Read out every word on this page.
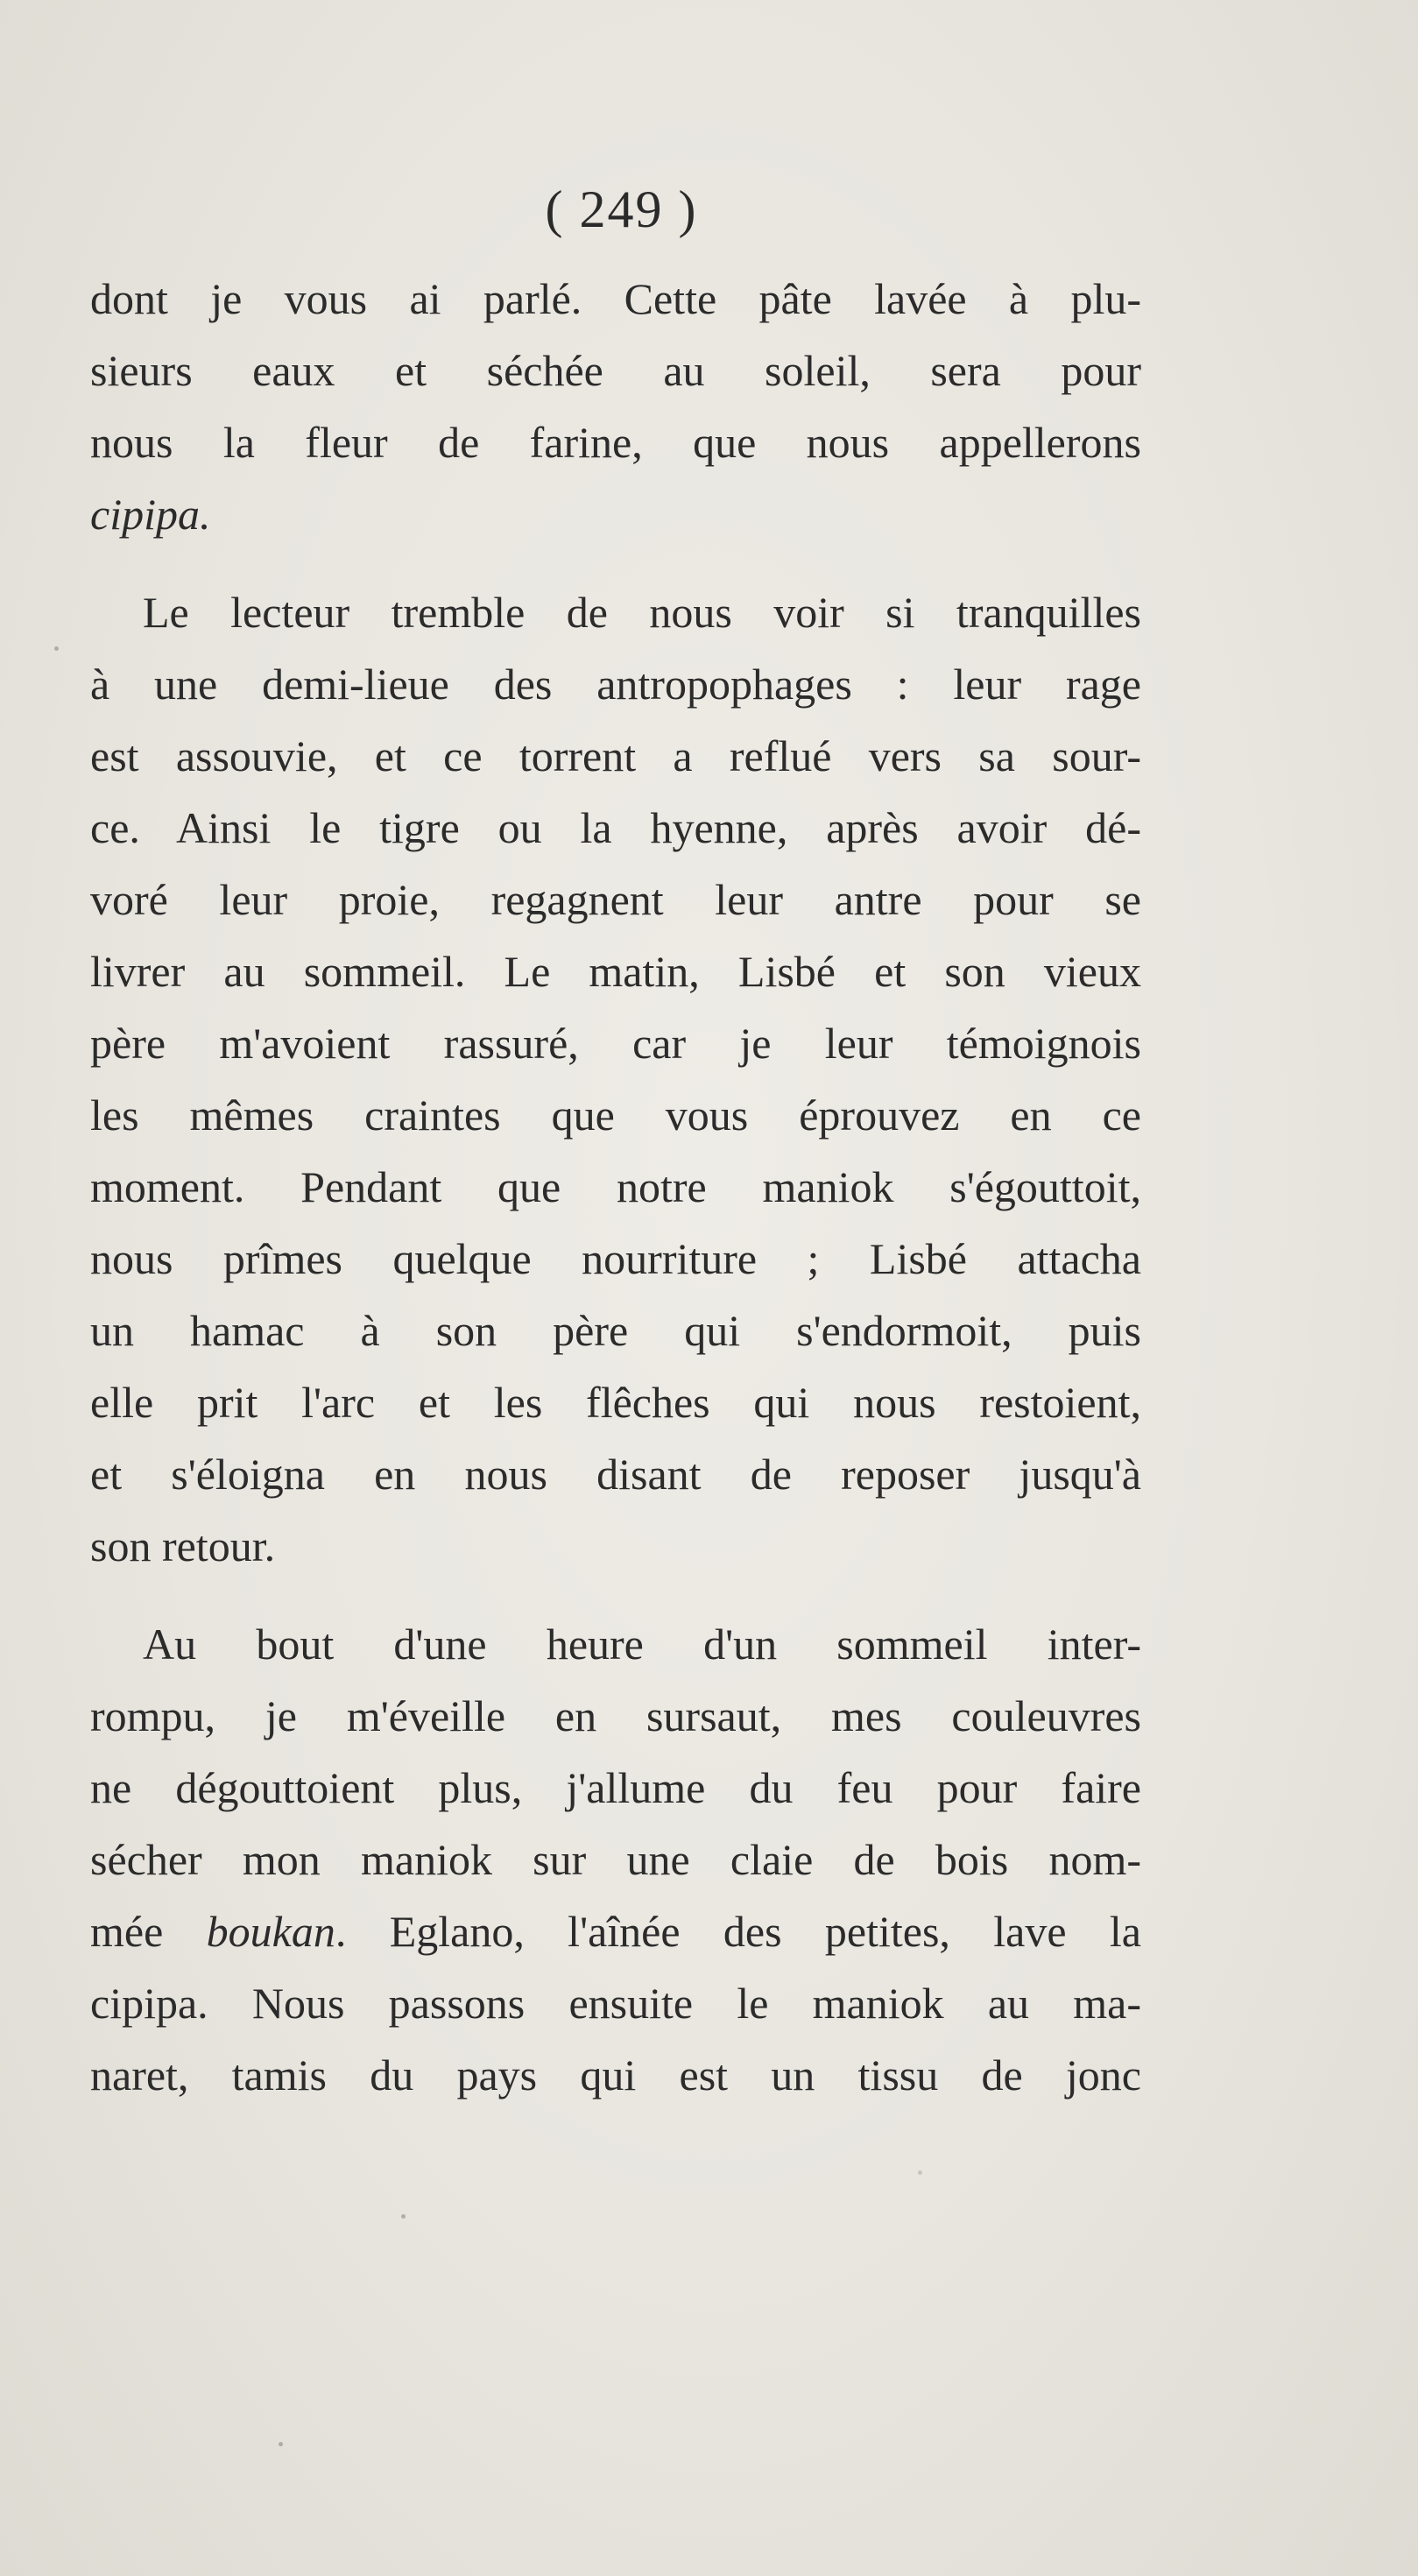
( 249 )
dont je vous ai parlé. Cette pâte lavée à plu-
sieurs eaux et séchée au soleil, sera pour
nous la fleur de farine, que nous appellerons
cipipa.
Le lecteur tremble de nous voir si tranquilles
à une demi-lieue des antropophages : leur rage
est assouvie, et ce torrent a reflué vers sa sour-
ce. Ainsi le tigre ou la hyenne, après avoir dé-
voré leur proie, regagnent leur antre pour se
livrer au sommeil. Le matin, Lisbé et son vieux
père m'avoient rassuré, car je leur témoignois
les mêmes craintes que vous éprouvez en ce
moment. Pendant que notre maniok s'égouttoit,
nous prîmes quelque nourriture ; Lisbé attacha
un hamac à son père qui s'endormoit, puis
elle prit l'arc et les flêches qui nous restoient,
et s'éloigna en nous disant de reposer jusqu'à
son retour.
Au bout d'une heure d'un sommeil inter-
rompu, je m'éveille en sursaut, mes couleuvres
ne dégouttoient plus, j'allume du feu pour faire
sécher mon maniok sur une claie de bois nom-
mée boukan. Eglano, l'aînée des petites, lave la
cipipa. Nous passons ensuite le maniok au ma-
naret, tamis du pays qui est un tissu de jonc
